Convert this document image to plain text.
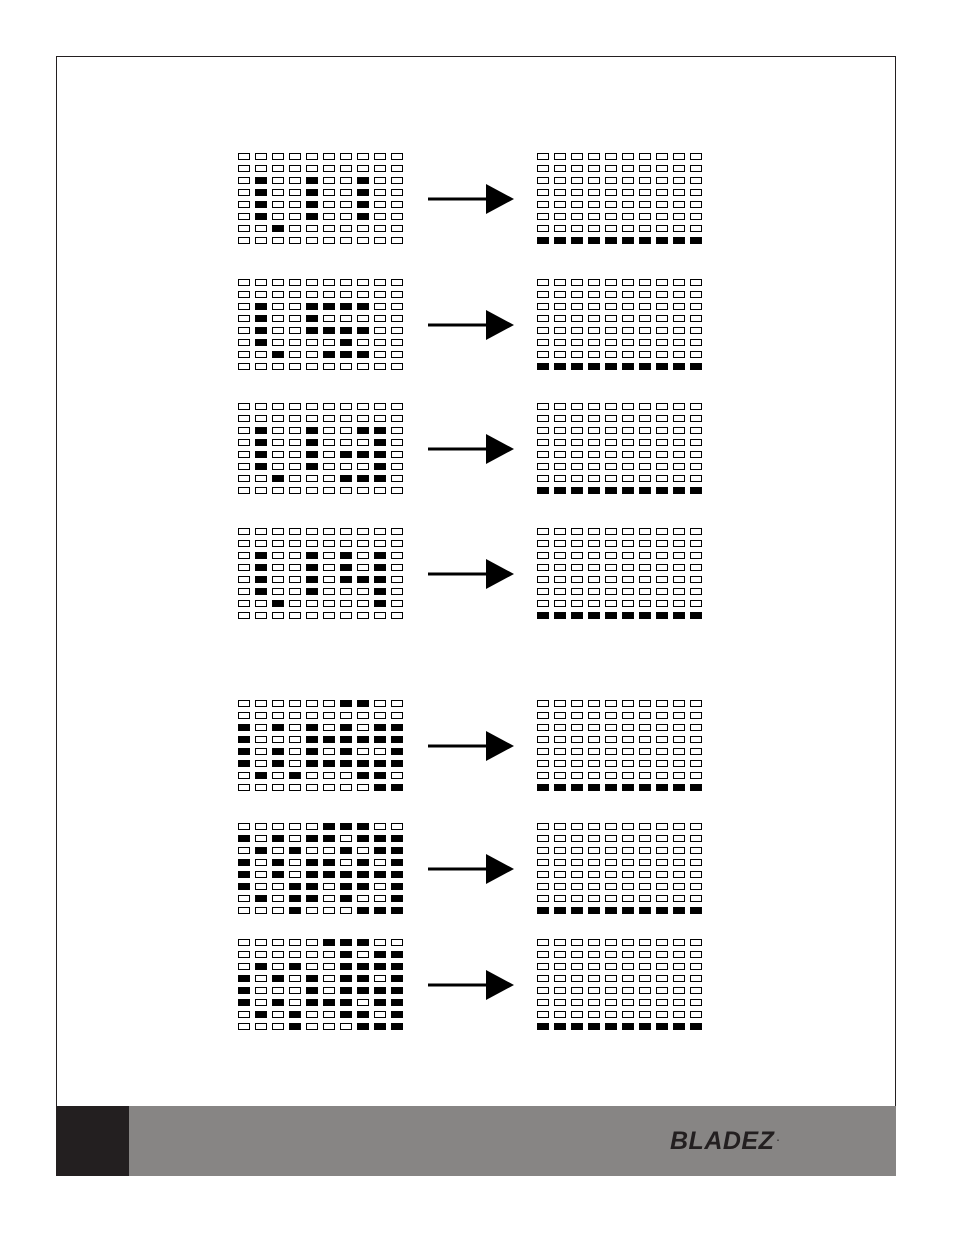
BLADEZ •
